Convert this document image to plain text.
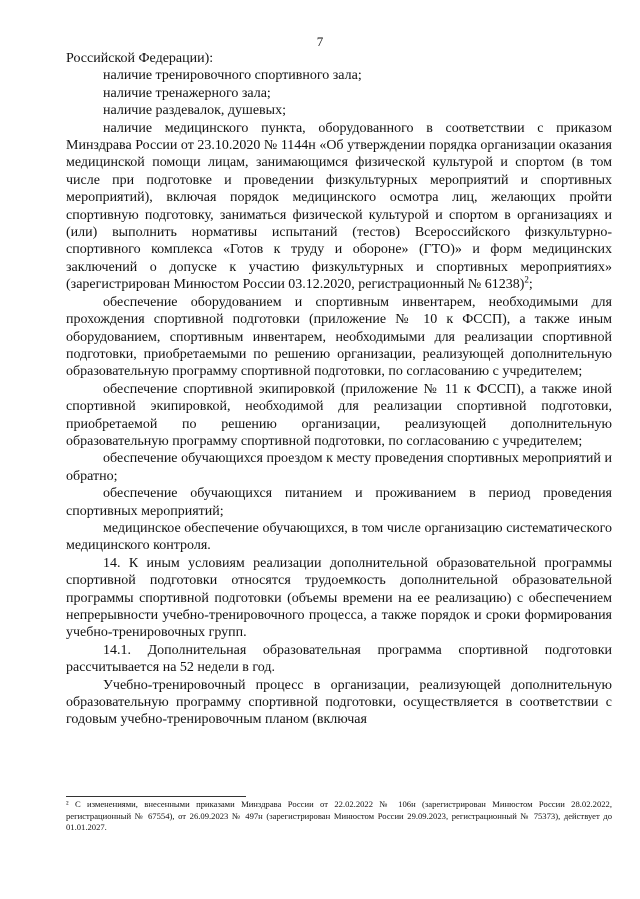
7

Российской Федерации):

наличие тренировочного спортивного зала;

наличие тренажерного зала;

наличие раздевалок, душевых;

наличие медицинского пункта, оборудованного в соответствии с приказом Минздрава России от 23.10.2020 № 1144н «Об утверждении порядка организации оказания медицинской помощи лицам, занимающимся физической культурой и спортом (в том числе при подготовке и проведении физкультурных мероприятий и спортивных мероприятий), включая порядок медицинского осмотра лиц, желающих пройти спортивную подготовку, заниматься физической культурой и спортом в организациях и (или) выполнить нормативы испытаний (тестов) Всероссийского физкультурно-спортивного комплекса «Готов к труду и обороне» (ГТО)» и форм медицинских заключений о допуске к участию физкультурных и спортивных мероприятиях» (зарегистрирован Минюстом России 03.12.2020, регистрационный № 61238)$^2$;

обеспечение оборудованием и спортивным инвентарем, необходимыми для прохождения спортивной подготовки (приложение № 10 к ФССП), а также иным оборудованием, спортивным инвентарем, необходимыми для реализации спортивной подготовки, приобретаемыми по решению организации, реализующей дополнительную образовательную программу спортивной подготовки, по согласованию с учредителем;

обеспечение спортивной экипировкой (приложение № 11 к ФССП), а также иной спортивной экипировкой, необходимой для реализации спортивной подготовки, приобретаемой по решению организации, реализующей дополнительную образовательную программу спортивной подготовки, по согласованию с учредителем;

обеспечение обучающихся проездом к месту проведения спортивных мероприятий и обратно;

обеспечение обучающихся питанием и проживанием в период проведения спортивных мероприятий;

медицинское обеспечение обучающихся, в том числе организацию систематического медицинского контроля.

14. К иным условиям реализации дополнительной образовательной программы спортивной подготовки относятся трудоемкость дополнительной образовательной программы спортивной подготовки (объемы времени на ее реализацию) с обеспечением непрерывности учебно-тренировочного процесса, а также порядок и сроки формирования учебно-тренировочных групп.

14.1. Дополнительная образовательная программа спортивной подготовки рассчитывается на 52 недели в год.

Учебно-тренировочный процесс в организации, реализующей дополнительную образовательную программу спортивной подготовки, осуществляется в соответствии с годовым учебно-тренировочным планом (включая

² С изменениями, внесенными приказами Минздрава России от 22.02.2022 № 106н (зарегистрирован Минюстом России 28.02.2022, регистрационный № 67554), от 26.09.2023 № 497н (зарегистрирован Минюстом России 29.09.2023, регистрационный № 75373), действует до 01.01.2027.
